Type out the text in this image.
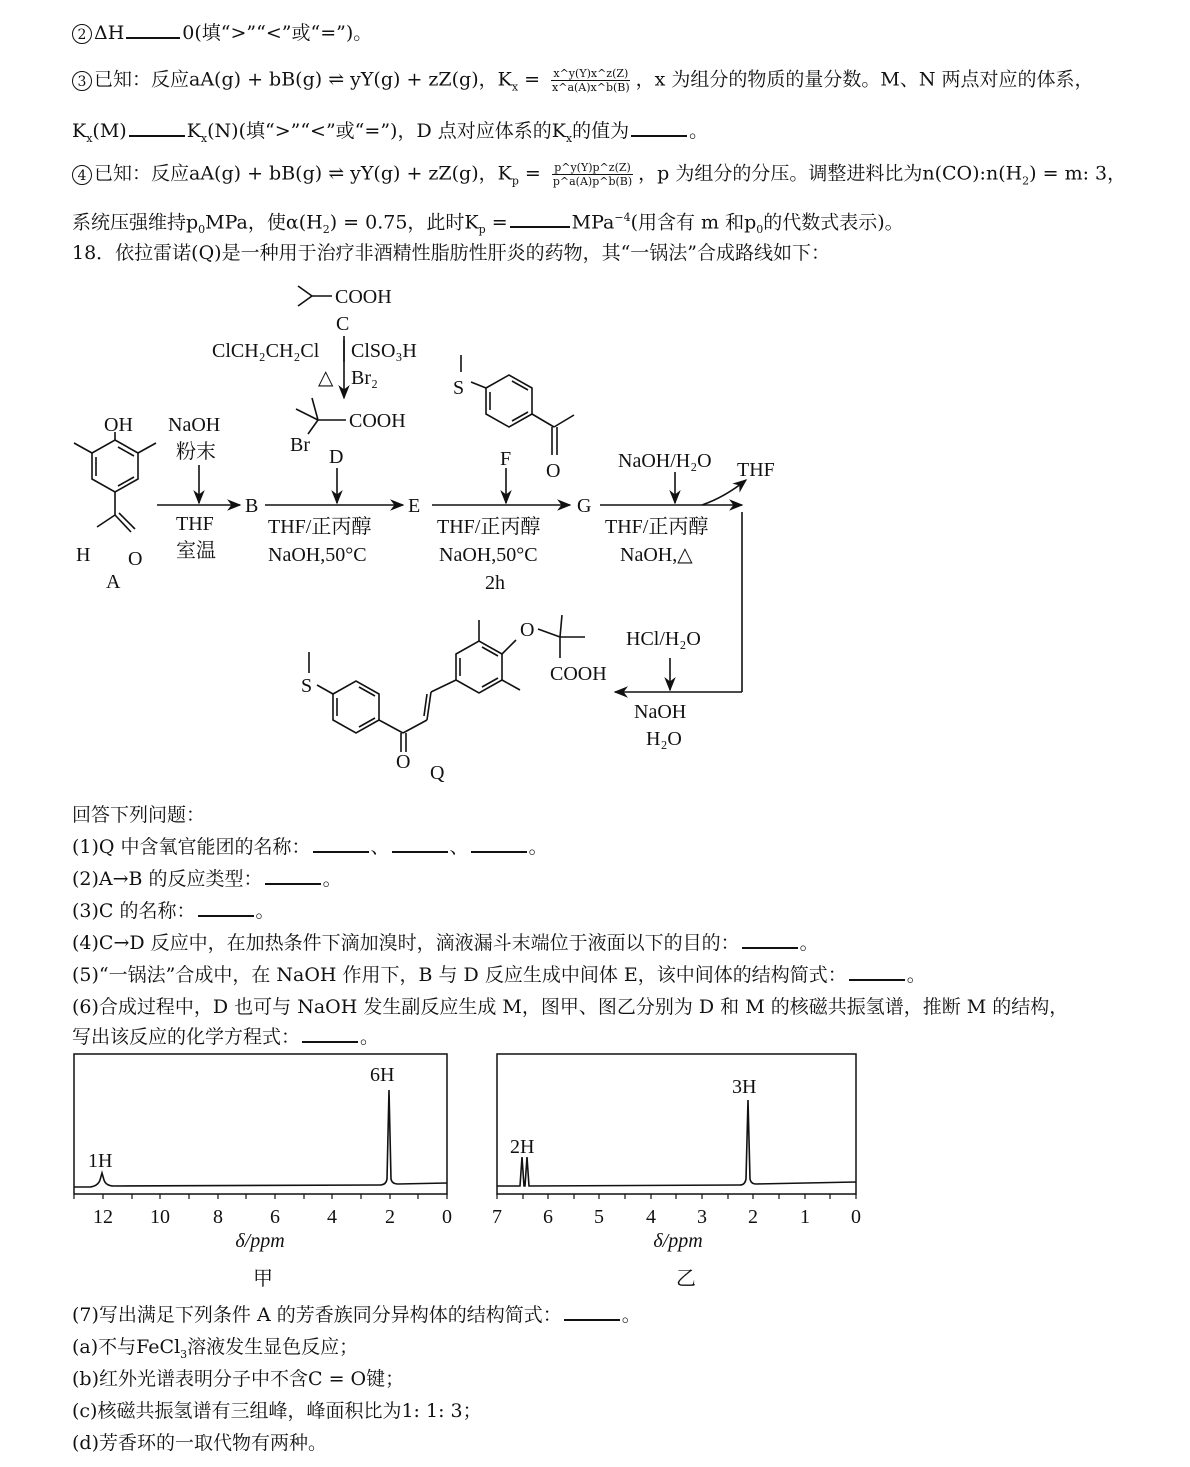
2 ΔH	0(填“>”“<”或“=”)。
3 已知：反应aA(g) + bB(g) ⇌ yY(g) + zZ(g)，$K_x = \frac{x\^{}y(Y)x\^{}z(Z)}{x\^{}a(A)x\^{}b(B)}$ ，x 为组分的物质的量分数。M、N 两点对应的体系，
$K_x(M)$	$K_x(N)$(填“>”“<”或“=”)，D 点对应体系的$K_x$的值为	。
4 已知：反应aA(g) + bB(g) ⇌ yY(g) + zZ(g)，$K_p = \frac{p\^{}y(Y)p\^{}z(Z)}{p\^{}a(A)p\^{}b(B)}$ ，p 为组分的分压。调整进料比为$n(CO):n(H_2) = m$: 3，
系统压强维持$p_0MPa$，使$\alpha(H_2) = 0.75$，此时$K_p$ =	MPa$^{-4}$(用含有 m 和$p_0$的代数式表示)。
18．依拉雷诺(Q)是一种用于治疗非酒精性脂肪性肝炎的药物，其“一锅法”合成路线如下：
OH
H O
A
NaOH
粉末
THF
室温
B
COOH
C
ClCH₂CH₂Cl
△
ClSO₃H
Br₂
COOH
Br
D
THF/正丙醇
NaOH,50°C
E
S
O
F
THF/正丙醇
NaOH,50°C
2h
G
NaOH/H₂O THF
THF/正丙醇
NaOH,△
HCl/H₂O
NaOH
H₂O
S
O Q
O
COOH
回答下列问题：
(1)Q 中含氧官能团的名称：	、	、	。
(2)A→B 的反应类型：	。
(3)C 的名称：	。
(4)C→D 反应中，在加热条件下滴加溴时，滴液漏斗末端位于液面以下的目的：	。
(5)“一锅法”合成中，在 NaOH 作用下，B 与 D 反应生成中间体 E，该中间体的结构简式：	。
(6)合成过程中，D 也可与 NaOH 发生副反应生成 M，图甲、图乙分别为 D 和 M 的核磁共振氢谱，推断 M 的结构，
写出该反应的化学方程式：	。
1H
6H
12 10 8 6 4 2 0
δ/ppm
甲
2H
3H
7 6 5 4 3 2 1 0
δ/ppm
乙
(7)写出满足下列条件 A 的芳香族同分异构体的结构简式：	。
(a)不与FeCl$_3$溶液发生显色反应；
(b)红外光谱表明分子中不含C = O键；
(c)核磁共振氢谱有三组峰，峰面积比为1: 1: 3；
(d)芳香环的一取代物有两种。
